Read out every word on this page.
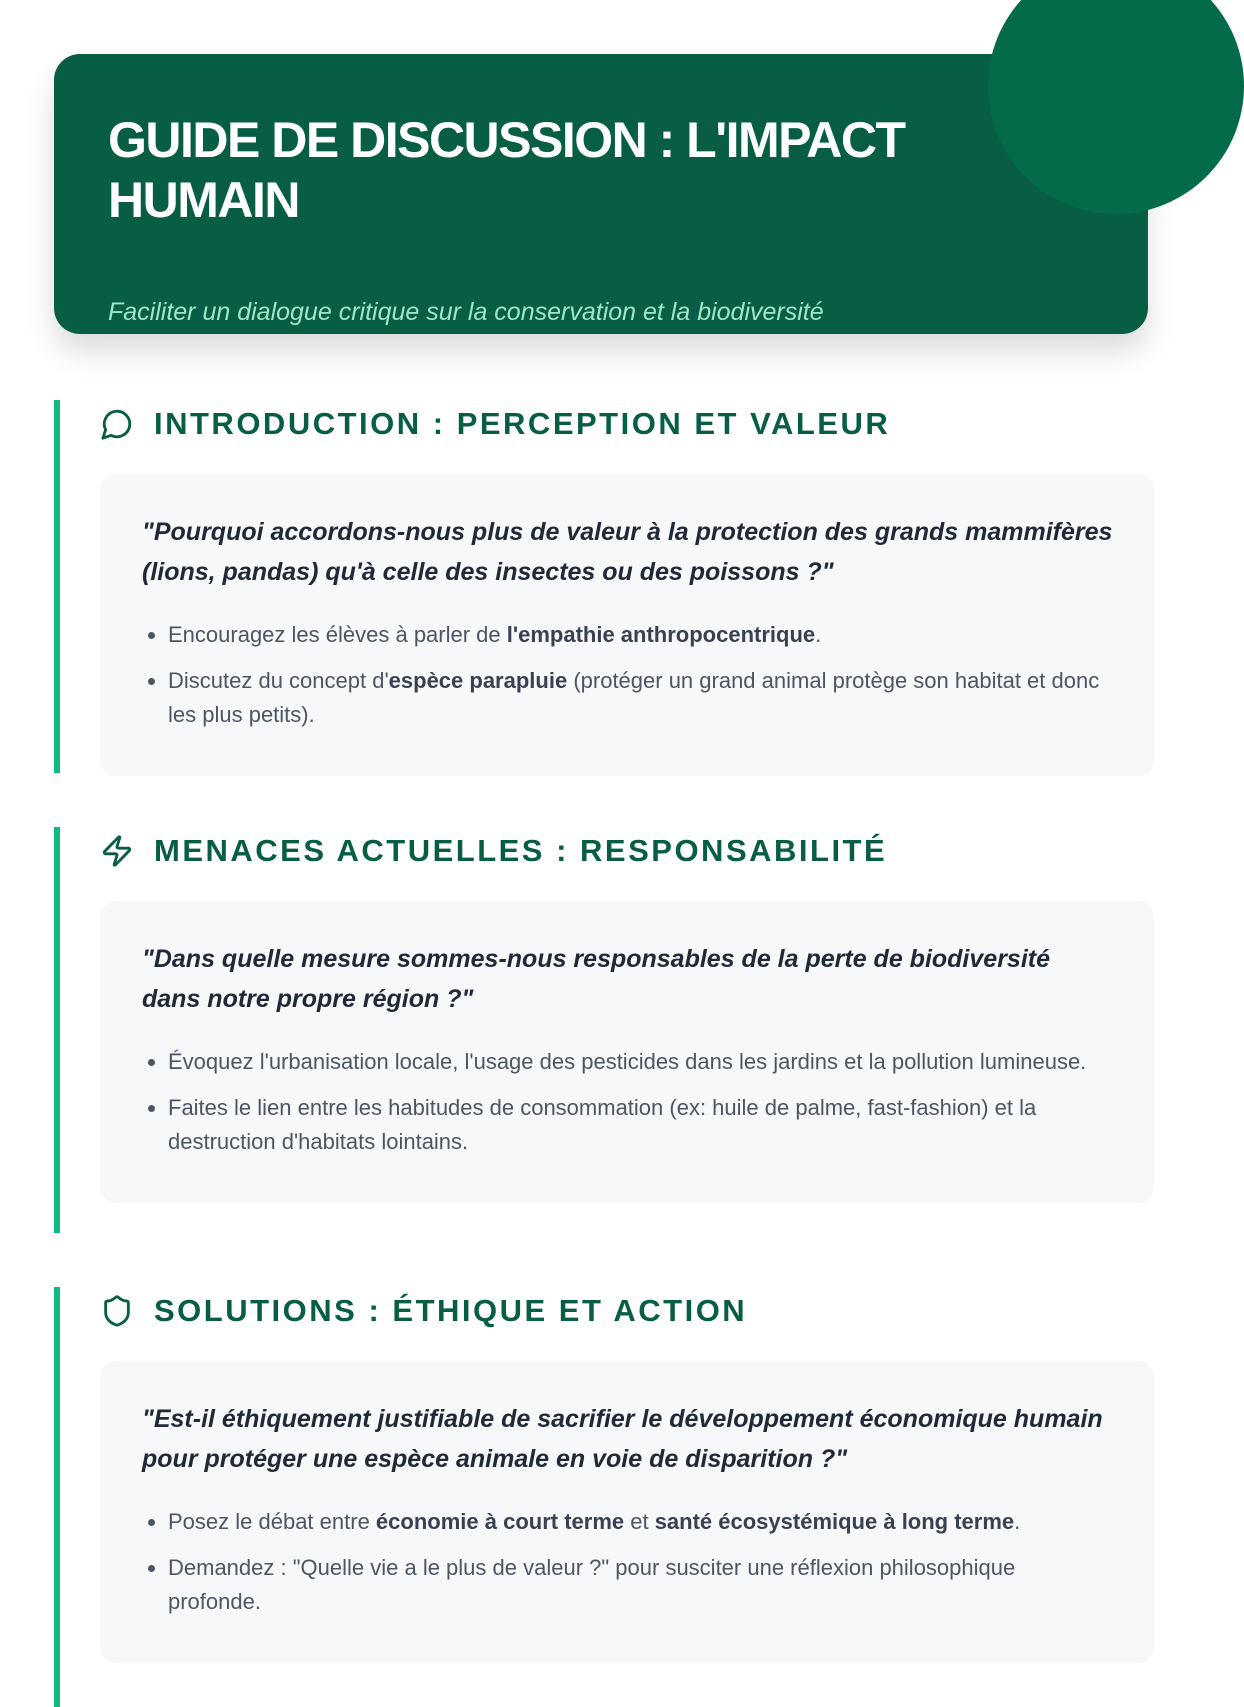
GUIDE DE DISCUSSION : L'IMPACT HUMAIN

Faciliter un dialogue critique sur la conservation et la biodiversité

INTRODUCTION : PERCEPTION ET VALEUR

"Pourquoi accordons-nous plus de valeur à la protection des grands mammifères (lions, pandas) qu'à celle des insectes ou des poissons ?"

• Encouragez les élèves à parler de l'empathie anthropocentrique.
• Discutez du concept d'espèce parapluie (protéger un grand animal protège son habitat et donc les plus petits).
MENACES ACTUELLES : RESPONSABILITÉ

"Dans quelle mesure sommes-nous responsables de la perte de biodiversité dans notre propre région ?"

• Évoquez l'urbanisation locale, l'usage des pesticides dans les jardins et la pollution lumineuse.
• Faites le lien entre les habitudes de consommation (ex: huile de palme, fast-fashion) et la destruction d'habitats lointains.
SOLUTIONS : ÉTHIQUE ET ACTION

"Est-il éthiquement justifiable de sacrifier le développement économique humain pour protéger une espèce animale en voie de disparition ?"

• Posez le débat entre économie à court terme et santé écosystémique à long terme.
• Demandez : "Quelle vie a le plus de valeur ?" pour susciter une réflexion philosophique profonde.
